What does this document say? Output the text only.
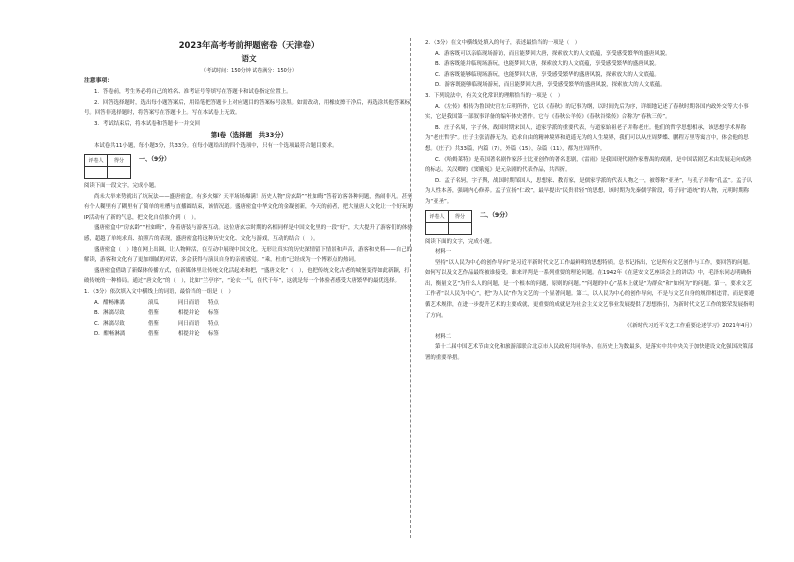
2023年高考考前押题密卷（天津卷）

语文

（考试时间：150分钟 试卷满分：150分）

注意事项：

1．答卷前，考生务必将自己的姓名、准考证号等填写在答题卡和试卷指定位置上。

2．回答选择题时，选出每小题答案后，用铅笔把答题卡上对应题目的答案标号涂黑。如需改动，用橡皮擦干净后，再选涂其他答案标号。回答非选择题时，将答案写在答题卡上。写在本试卷上无效。

3．考试结束后，将本试卷和答题卡一并交回

第Ⅰ卷（选择题　共33分）

本试卷共11小题，每小题3分，共33分。在每小题给出的四个选项中，只有一个选项最符合题目要求。

评卷人	得分
		一、（9分）

阅读下面一段文字，完成小题。

尚未大举来势就出了坑玩法——盛唐密盒。有多火爆？天平场场爆满！历史人物“房玄龄”“杜如晦”答着访客各种问题，热闹非凡。甚至有个人糊里有了糊里有了简单的吐槽与直播圆结束，该情况道。盛唐密盒中华文化的金凝创新，今天的前者，把大量唐人文化让一个好玩的IP活动有了新的气息，把文化自信推介到（　）。

盛唐密盒中“房玄龄”“杜如晦”，身着唐装与游客互动。这位唐玄宗时期的名相同样是中国文化里的一段“好”，大大提升了游客们的体验感，超越了单纯求真、拍照片的表现，盛唐密盒将这种历史文化、文化与游戏，互动的结合（　）。

盛唐密盒（　）地在网上出圈，让人物鲜活，在互动中展现中国文化。无形让真实的历史深情留下情景和声音，游客和史料——自己的解读，游客和文化有了更加细腻的对话，多会获得与演员自身的亲密感觉。“乘，杜甫”已经成为一个博彩点的热词。

盛唐密盒借助了新媒体传播方式，在新媒体里让传统文化活起来和把，“盛唐文化”（　），也把传统文化古老的城堡变得如此新颖，打破传统的一种格局。通过“唐文化”的（　），比如“兰亭序”，“论衣一气，在代千年”，这就是每一个体验者感受大唐繁华的最优选择。

1．（3分）依次填入文中横线上的词语，最恰当的一组是（　）

A．酣畅淋漓	滚瓜	同日而语	特点
B．淋漓尽致	借鉴	相提并论	标签
C．淋漓尽致	借鉴	同日而语	特点
D．酣畅淋漓	借鉴	相提并论	标签

2．（3分）在文中横线处填入的句子，表述最恰当的一项是（　）

A．游客既可以亲临现场游访，而且能梦回大唐，探索放大的人文底蕴，享受感受繁华的盛唐风貌。

B．游客既能并临现场游玩，也能梦回大唐，探索放大的人文底蕴，享受感受繁华的盛唐风貌。

C．游客既能够临现场游玩，也能梦回大唐，享受感受繁华的盛唐风貌，探索放大的人文底蕴。

D．游客既能够临现场游玩，而且能梦回大唐，享受感受繁华的盛唐风貌，探索放大的人文底蕴。

3．下列说法中，有关文化常识的理解恰当的一项是（　）

A．《左传》相传为鲁国史官左丘明所作，它以《春秋》的记事为纲，以时间先后为序，详细地记述了春秋时期各国内政外交等大小事实，它是我国第一部叙事详备的编年体史著作。它与《春秋公羊传》《春秋谷梁传》合称为“春秋三传”。

B．庄子名周，字子休，战国时期宋国人，道家学派的重要代表，与道家始祖老子并称老庄。他们的哲学思想相承，该思想学术界称为“老庄哲学”。庄子主张清静无为，追求自由的精神境界和逍遥无为的人生境界，我们可以从庄周梦蝶、鹏程万里等寓言中，体会他的思想。《庄子》共33篇，内篇（7），外篇（15），杂篇（11），都为庄周所作。

C．《哈姆莱特》是英国著名剧作家莎士比亚创作的著名悲剧，《雷雨》是我国现代剧作家曹禺的戏剧，是中国话剧艺术由发展走向成熟的标志。关汉卿的《窦娥冤》是元杂剧的代表作品，共四折。

D．孟子名轲，字子舆，战国时期邹国人，思想家、教育家，是儒家学派的代表人物之一，被尊称“亚圣”，与孔子并称“孔孟”。孟子认为人性本善，强调内心修养。孟子宣扬“仁政”，最早提出“民贵君轻”的思想，该时期为先秦儒学阶段，荀子同“道统”的人物，元明时期称为“亚圣”。

评卷人	得分
		二、（9分）

阅读下面的文字，完成小题。

材料一

坚持“以人民为中心的创作导向”是习近平新时代文艺工作最鲜明的思想特质。总书记指出，它是所有文艺创作与工作，要回答的问题。如何写以及文艺作品最终被谁接受。谁来评判是一系列重要的理论问题。在1942年《在延安文艺座谈会上的讲话》中，毛泽东同志明确指出，衡量文艺“为什么人的问题，是一个根本的问题，原则的问题。”“问题的中心”基本上就是“为群众”和“如何为”的问题。第一，要求文艺工作者“以人民为中心”，把“为人民”作为文艺的一个显著问题。第二，以人民为中心的创作导向，不是与文艺自身的规律相违背，而是要遵循艺术规律，在进一步提升艺术的主要成就，更重要的成就是为社会主义文艺事业发展提供了思想指引，为新时代文艺工作的繁荣发展指明了方向。

（《新时代习近平文艺工作重要论述学习》2021年4月）

材料二

第十二届中国艺术节由文化和旅游部联合北京市人民政府共同举办，在历史上为数最多，是落实中共中央关于加快建设文化强国决策部署的重要举措。
